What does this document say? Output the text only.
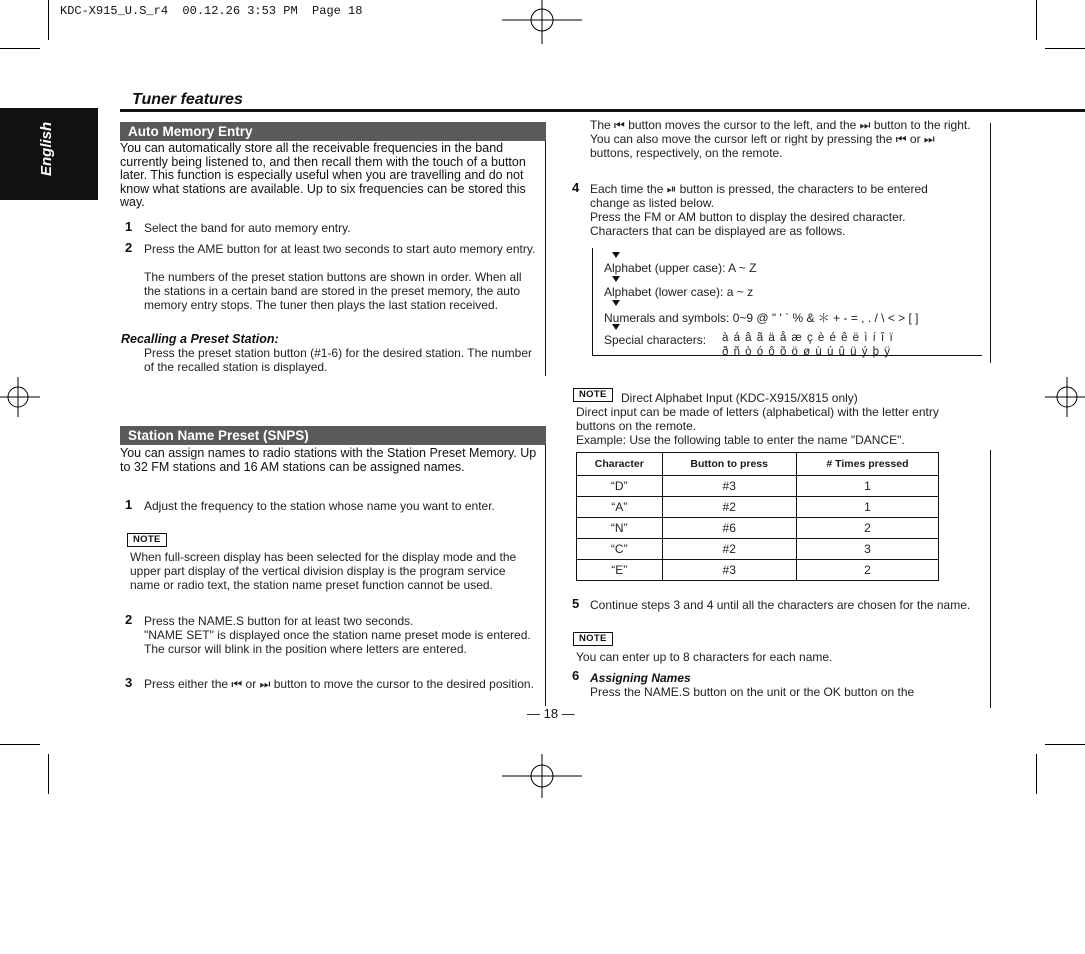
KDC-X915_U.S_r4  00.12.26 3:53 PM  Page 18
English
Tuner features
Auto Memory Entry
You can automatically store all the receivable frequencies in the band currently being listened to, and then recall them with the touch of a button later. This function is especially useful when you are travelling and do not know what stations are available. Up to six frequencies can be stored this way.
1 Select the band for auto memory entry.
2 Press the AME button for at least two seconds to start auto memory entry.
The numbers of the preset station buttons are shown in order. When all the stations in a certain band are stored in the preset memory, the auto memory entry stops. The tuner then plays the last station received.
Recalling a Preset Station:
Press the preset station button (#1-6) for the desired station. The number of the recalled station is displayed.
Station Name Preset (SNPS)
You can assign names to radio stations with the Station Preset Memory. Up to 32 FM stations and 16 AM stations can be assigned names.
1 Adjust the frequency to the station whose name you want to enter.
NOTE
When full-screen display has been selected for the display mode and the upper part display of the vertical division display is the program service name or radio text, the station name preset function cannot be used.
2 Press the NAME.S button for at least two seconds.
"NAME SET" is displayed once the station name preset mode is entered.
The cursor will blink in the position where letters are entered.
3 Press either the ⏮ or ⏭ button to move the cursor to the desired position.
The ⏮ button moves the cursor to the left, and the ⏭ button to the right.
You can also move the cursor left or right by pressing the ⏮ or ⏭ buttons, respectively, on the remote.
4 Each time the ⏯ button is pressed, the characters to be entered change as listed below.
Press the FM or AM button to display the desired character.
Characters that can be displayed are as follows.
Alphabet (upper case): A ~ Z
Alphabet (lower case): a ~ z
Numerals and symbols: 0~9 @ " ' ` % & ＊ + - = , . / \ < > [ ]
Special characters: à á â ã ä å æ ç è é ê ë ì í î ï
ð ñ ò ó ô õ ö ø ù ú û ü ý þ ÿ
NOTE	Direct Alphabet Input (KDC-X915/X815 only)
Direct input can be made of letters (alphabetical) with the letter entry buttons on the remote.
Example: Use the following table to enter the name "DANCE".
Character	Button to press	# Times pressed
“D”	#3	1
“A”	#2	1
“N”	#6	2
“C”	#2	3
“E”	#3	2
5 Continue steps 3 and 4 until all the characters are chosen for the name.
NOTE
You can enter up to 8 characters for each name.
6 Assigning Names
Press the NAME.S button on the unit or the OK button on the
— 18 —
